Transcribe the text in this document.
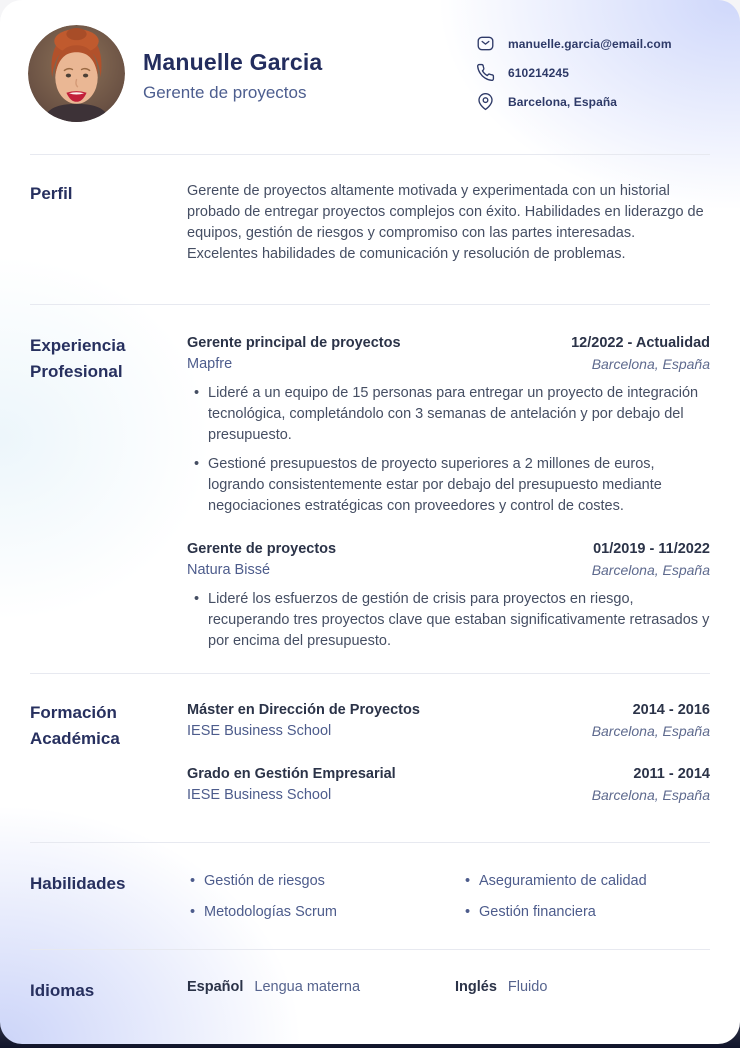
Manuelle Garcia
Gerente de proyectos
manuelle.garcia@email.com
610214245
Barcelona, España
Perfil	Gerente de proyectos altamente motivada y experimentada con un historial probado de entregar proyectos complejos con éxito. Habilidades en liderazgo de equipos, gestión de riesgos y compromiso con las partes interesadas. Excelentes habilidades de comunicación y resolución de problemas.

Experiencia Profesional
Gerente principal de proyectos
Mapfre
12/2022 - Actualidad
Barcelona, España
• Lideré a un equipo de 15 personas para entregar un proyecto de integración tecnológica, completándolo con 3 semanas de antelación y por debajo del presupuesto.
• Gestioné presupuestos de proyecto superiores a 2 millones de euros, logrando consistentemente estar por debajo del presupuesto mediante negociaciones estratégicas con proveedores y control de costes.
Gerente de proyectos
Natura Bissé
01/2019 - 11/2022
Barcelona, España
• Lideré los esfuerzos de gestión de crisis para proyectos en riesgo, recuperando tres proyectos clave que estaban significativamente retrasados y por encima del presupuesto.
Formación Académica
Máster en Dirección de Proyectos
IESE Business School
2014 - 2016
Barcelona, España
Grado en Gestión Empresarial
IESE Business School
2011 - 2014
Barcelona, España
Habilidades	• Gestión de riesgos
• Metodologías Scrum
• Aseguramiento de calidad
• Gestión financiera
Idiomas	Español Lengua materna	Inglés Fluido
